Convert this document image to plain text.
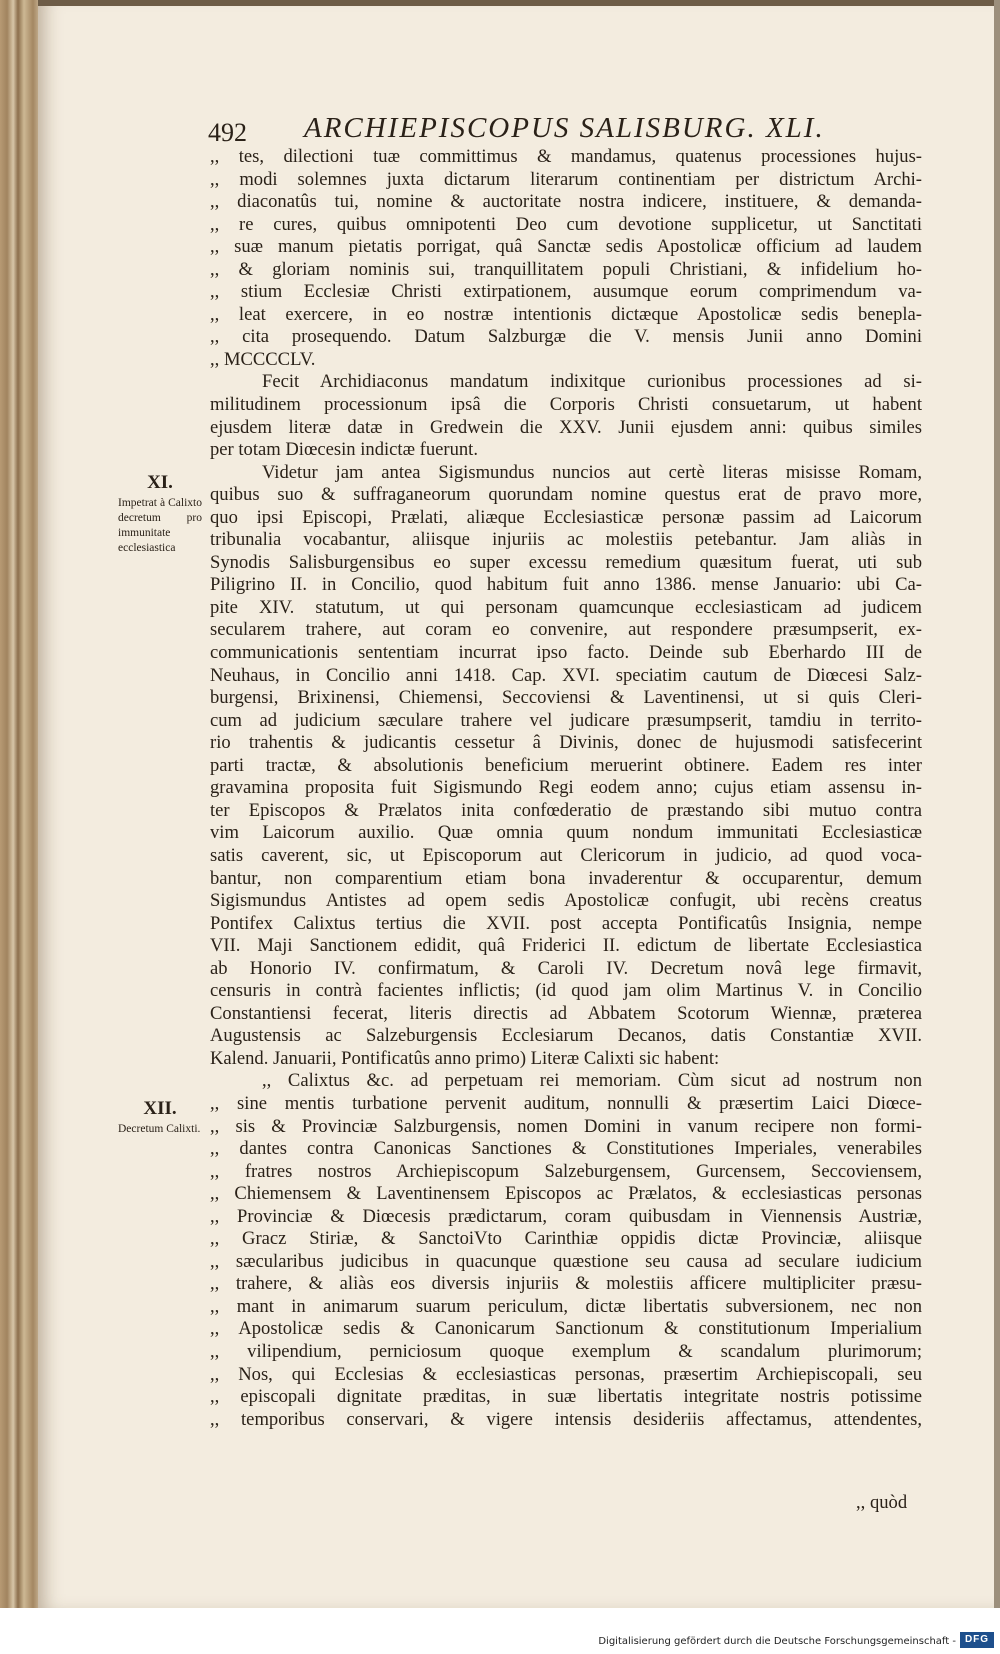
492 ARCHIEPISCOPUS SALISBURG. XLI.
XI.
Impetrat à Calixto decretum pro immunitate ecclesiastica
XII.
Decretum Calixti.
,, tes, dilectioni tuæ committimus & mandamus, quatenus processiones hujus-
,, modi solemnes juxta dictarum literarum continentiam per districtum Archi-
,, diaconatûs tui, nomine & auctoritate nostra indicere, instituere, & demanda-
,, re cures, quibus omnipotenti Deo cum devotione supplicetur, ut Sanctitati
,, suæ manum pietatis porrigat, quâ Sanctæ sedis Apostolicæ officium ad laudem
,, & gloriam nominis sui, tranquillitatem populi Christiani, & infidelium ho-
,, stium Ecclesiæ Christi extirpationem, ausumque eorum comprimendum va-
,, leat exercere, in eo nostræ intentionis dictæque Apostolicæ sedis benepla-
,, cita prosequendo. Datum Salzburgæ die V. mensis Junii anno Domini
,, MCCCCLV.
Fecit Archidiaconus mandatum indixitque curionibus processiones ad si-
militudinem processionum ipsâ die Corporis Christi consuetarum, ut habent
ejusdem literæ datæ in Gredwein die XXV. Junii ejusdem anni: quibus similes
per totam Diœcesin indictæ fuerunt.
Videtur jam antea Sigismundus nuncios aut certè literas misisse Romam,
quibus suo & suffraganeorum quorundam nomine questus erat de pravo more,
quo ipsi Episcopi, Prælati, aliæque Ecclesiasticæ personæ passim ad Laicorum
tribunalia vocabantur, aliisque injuriis ac molestiis petebantur. Jam aliàs in
Synodis Salisburgensibus eo super excessu remedium quæsitum fuerat, uti sub
Piligrino II. in Concilio, quod habitum fuit anno 1386. mense Januario: ubi Ca-
pite XIV. statutum, ut qui personam quamcunque ecclesiasticam ad judicem
secularem trahere, aut coram eo convenire, aut respondere præsumpserit, ex-
communicationis sententiam incurrat ipso facto. Deinde sub Eberhardo III de
Neuhaus, in Concilio anni 1418. Cap. XVI. speciatim cautum de Diœcesi Salz-
burgensi, Brixinensi, Chiemensi, Seccoviensi & Laventinensi, ut si quis Cleri-
cum ad judicium sæculare trahere vel judicare præsumpserit, tamdiu in territo-
rio trahentis & judicantis cessetur â Divinis, donec de hujusmodi satisfecerint
parti tractæ, & absolutionis beneficium meruerint obtinere. Eadem res inter
gravamina proposita fuit Sigismundo Regi eodem anno; cujus etiam assensu in-
ter Episcopos & Prælatos inita confœderatio de præstando sibi mutuo contra
vim Laicorum auxilio. Quæ omnia quum nondum immunitati Ecclesiasticæ
satis caverent, sic, ut Episcoporum aut Clericorum in judicio, ad quod voca-
bantur, non comparentium etiam bona invaderentur & occuparentur, demum
Sigismundus Antistes ad opem sedis Apostolicæ confugit, ubi recèns creatus
Pontifex Calixtus tertius die XVII. post accepta Pontificatûs Insignia, nempe
VII. Maji Sanctionem edidit, quâ Friderici II. edictum de libertate Ecclesiastica
ab Honorio IV. confirmatum, & Caroli IV. Decretum novâ lege firmavit,
censuris in contrà facientes inflictis; (id quod jam olim Martinus V. in Concilio
Constantiensi fecerat, literis directis ad Abbatem Scotorum Wiennæ, præterea
Augustensis ac Salzeburgensis Ecclesiarum Decanos, datis Constantiæ XVII.
Kalend. Januarii, Pontificatûs anno primo) Literæ Calixti sic habent:
,, Calixtus &c. ad perpetuam rei memoriam. Cùm sicut ad nostrum non
,, sine mentis turbatione pervenit auditum, nonnulli & præsertim Laici Diœce-
,, sis & Provinciæ Salzburgensis, nomen Domini in vanum recipere non formi-
,, dantes contra Canonicas Sanctiones & Constitutiones Imperiales, venerabiles
,, fratres nostros Archiepiscopum Salzeburgensem, Gurcensem, Seccoviensem,
,, Chiemensem & Laventinensem Episcopos ac Prælatos, & ecclesiasticas personas
,, Provinciæ & Diœcesis prædictarum, coram quibusdam in Viennensis Austriæ,
,, Gracz Stiriæ, & SanctoiVto Carinthiæ oppidis dictæ Provinciæ, aliisque
,, sæcularibus judicibus in quacunque quæstione seu causa ad seculare iudicium
,, trahere, & aliàs eos diversis injuriis & molestiis afficere multipliciter præsu-
,, mant in animarum suarum periculum, dictæ libertatis subversionem, nec non
,, Apostolicæ sedis & Canonicarum Sanctionum & constitutionum Imperialium
,, vilipendium, perniciosum quoque exemplum & scandalum plurimorum;
,, Nos, qui Ecclesias & ecclesiasticas personas, præsertim Archiepiscopali, seu
,, episcopali dignitate præditas, in suæ libertatis integritate nostris potissime
,, temporibus conservari, & vigere intensis desideriis affectamus, attendentes,
,, quòd
Digitalisierung gefördert durch die Deutsche Forschungsgemeinschaft - DFG
